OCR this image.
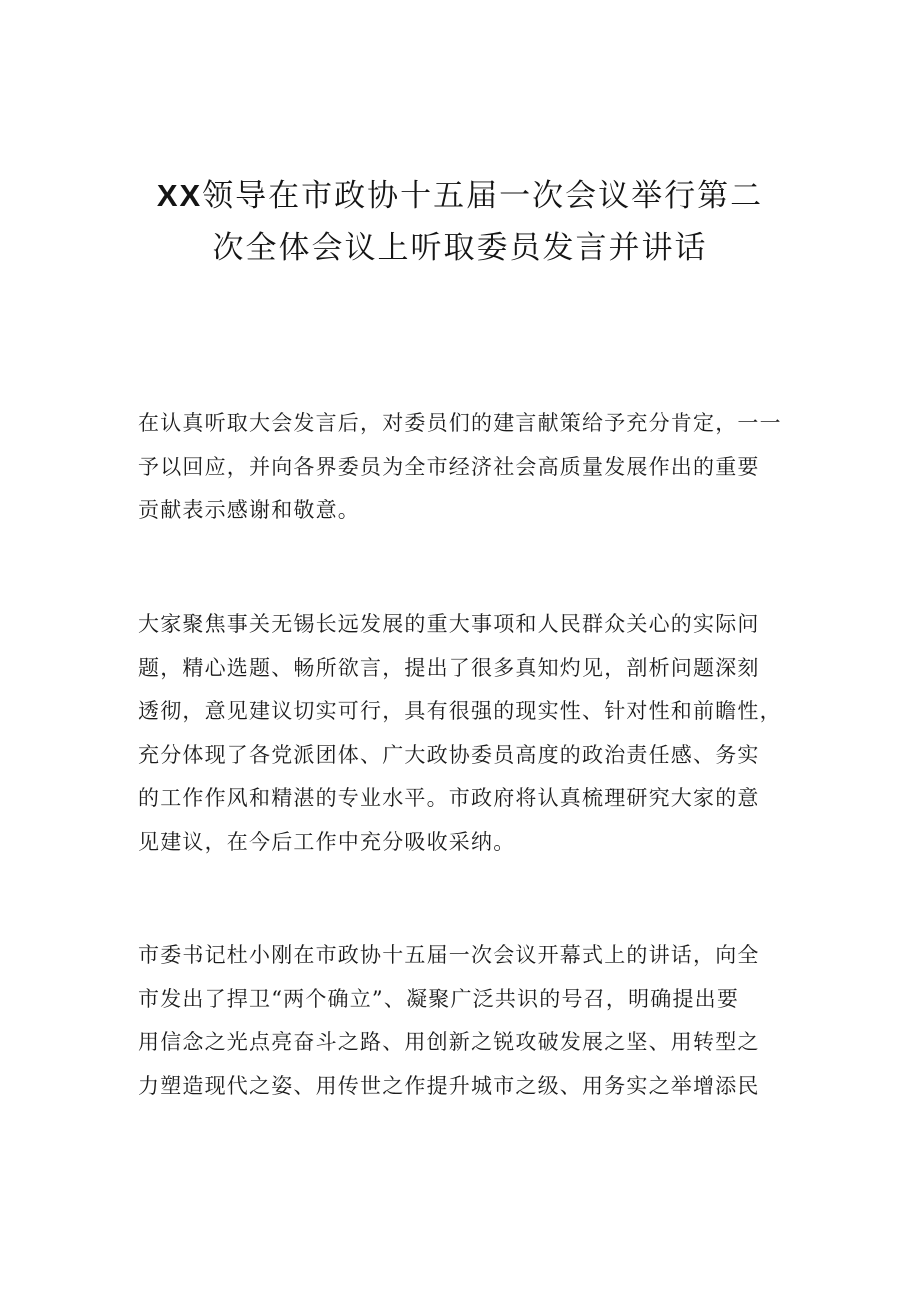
XX领导在市政协十五届一次会议举行第二
次全体会议上听取委员发言并讲话
在认真听取大会发言后，对委员们的建言献策给予充分肯定，一一
予以回应，并向各界委员为全市经济社会高质量发展作出的重要
贡献表示感谢和敬意。
大家聚焦事关无锡长远发展的重大事项和人民群众关心的实际问
题，精心选题、畅所欲言，提出了很多真知灼见，剖析问题深刻
透彻，意见建议切实可行，具有很强的现实性、针对性和前瞻性，
充分体现了各党派团体、广大政协委员高度的政治责任感、务实
的工作作风和精湛的专业水平。市政府将认真梳理研究大家的意
见建议，在今后工作中充分吸收采纳。
市委书记杜小刚在市政协十五届一次会议开幕式上的讲话，向全
市发出了捍卫“两个确立”、凝聚广泛共识的号召，明确提出要
用信念之光点亮奋斗之路、用创新之锐攻破发展之坚、用转型之
力塑造现代之姿、用传世之作提升城市之级、用务实之举增添民
